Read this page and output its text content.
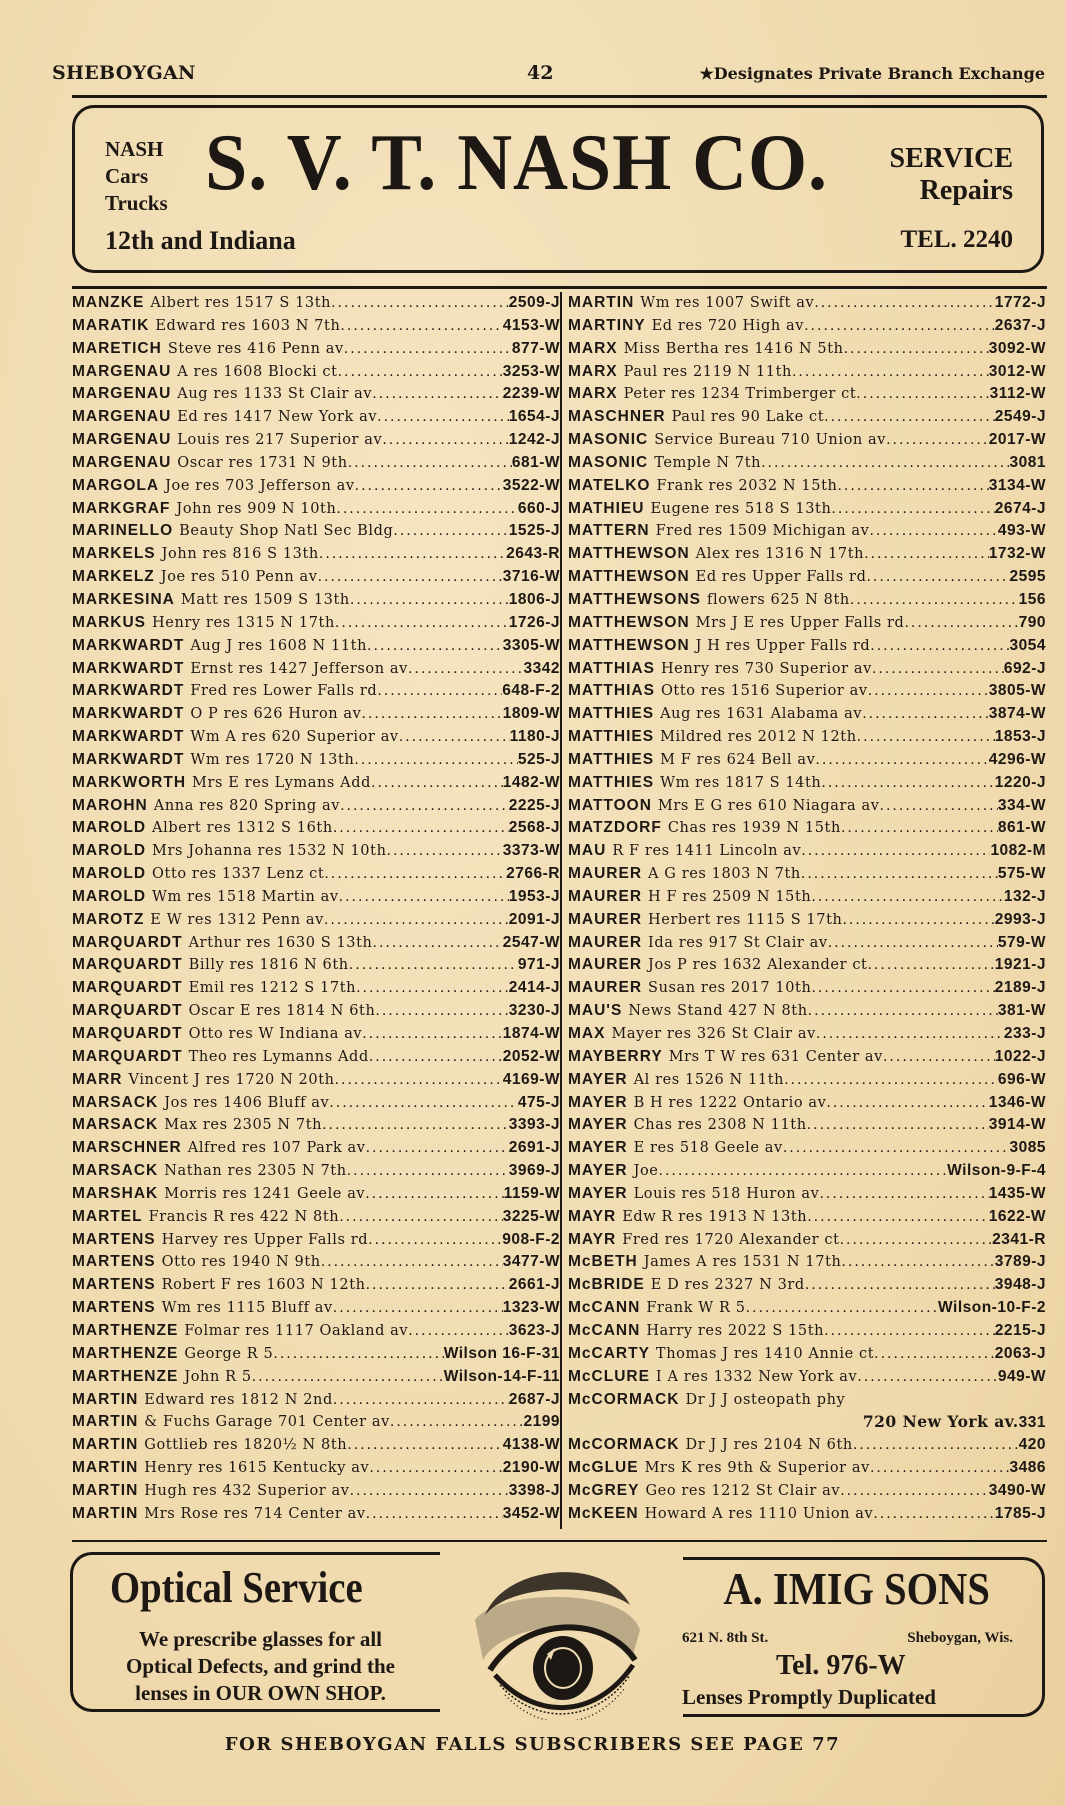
SHEBOYGAN	42	★Designates Private Branch Exchange
NASH
Cars
Trucks S. V. T. NASH CO.
12th and Indiana
SERVICE
Repairs
TEL. 2240
MANZKE Albert res 1517 S 13th .....	2509-J
MARATIK Edward res 1603 N 7th .....	4153-W
MARETICH Steve res 416 Penn av .....	877-W
MARGENAU A res 1608 Blocki ct .....	3253-W
MARGENAU Aug res 1133 St Clair av .....	2239-W
MARGENAU Ed res 1417 New York av .....	1654-J
MARGENAU Louis res 217 Superior av .....	1242-J
MARGENAU Oscar res 1731 N 9th .....	681-W
MARGOLA Joe res 703 Jefferson av .....	3522-W
MARKGRAF John res 909 N 10th .....	660-J
MARINELLO Beauty Shop Natl Sec Bldg .....	1525-J
MARKELS John res 816 S 13th .....	2643-R
MARKELZ Joe res 510 Penn av .....	3716-W
MARKESINA Matt res 1509 S 13th .....	1806-J
MARKUS Henry res 1315 N 17th .....	1726-J
MARKWARDT Aug J res 1608 N 11th .....	3305-W
MARKWARDT Ernst res 1427 Jefferson av .....	3342
MARKWARDT Fred res Lower Falls rd .....	648-F-2
MARKWARDT O P res 626 Huron av .....	1809-W
MARKWARDT Wm A res 620 Superior av .....	1180-J
MARKWARDT Wm res 1720 N 13th .....	525-J
MARKWORTH Mrs E res Lymans Add .....	1482-W
MAROHN Anna res 820 Spring av .....	2225-J
MAROLD Albert res 1312 S 16th .....	2568-J
MAROLD Mrs Johanna res 1532 N 10th .....	3373-W
MAROLD Otto res 1337 Lenz ct .....	2766-R
MAROLD Wm res 1518 Martin av .....	1953-J
MAROTZ E W res 1312 Penn av .....	2091-J
MARQUARDT Arthur res 1630 S 13th .....	2547-W
MARQUARDT Billy res 1816 N 6th .....	971-J
MARQUARDT Emil res 1212 S 17th .....	2414-J
MARQUARDT Oscar E res 1814 N 6th .....	3230-J
MARQUARDT Otto res W Indiana av .....	1874-W
MARQUARDT Theo res Lymanns Add .....	2052-W
MARR Vincent J res 1720 N 20th .....	4169-W
MARSACK Jos res 1406 Bluff av .....	475-J
MARSACK Max res 2305 N 7th .....	3393-J
MARSCHNER Alfred res 107 Park av .....	2691-J
MARSACK Nathan res 2305 N 7th .....	3969-J
MARSHAK Morris res 1241 Geele av .....	1159-W
MARTEL Francis R res 422 N 8th .....	3225-W
MARTENS Harvey res Upper Falls rd .....	908-F-2
MARTENS Otto res 1940 N 9th .....	3477-W
MARTENS Robert F res 1603 N 12th .....	2661-J
MARTENS Wm res 1115 Bluff av .....	1323-W
MARTHENZE Folmar res 1117 Oakland av .....	3623-J
MARTHENZE George R 5 .....	Wilson 16-F-31
MARTHENZE John R 5 .....	Wilson-14-F-11
MARTIN Edward res 1812 N 2nd .....	2687-J
MARTIN & Fuchs Garage 701 Center av .....	2199
MARTIN Gottlieb res 1820½ N 8th .....	4138-W
MARTIN Henry res 1615 Kentucky av .....	2190-W
MARTIN Hugh res 432 Superior av .....	3398-J
MARTIN Mrs Rose res 714 Center av .....	3452-W
MARTIN Wm res 1007 Swift av .....	1772-J
MARTINY Ed res 720 High av .....	2637-J
MARX Miss Bertha res 1416 N 5th .....	3092-W
MARX Paul res 2119 N 11th .....	3012-W
MARX Peter res 1234 Trimberger ct .....	3112-W
MASCHNER Paul res 90 Lake ct .....	2549-J
MASONIC Service Bureau 710 Union av .....	2017-W
MASONIC Temple N 7th .....	3081
MATELKO Frank res 2032 N 15th .....	3134-W
MATHIEU Eugene res 518 S 13th .....	2674-J
MATTERN Fred res 1509 Michigan av .....	493-W
MATTHEWSON Alex res 1316 N 17th .....	1732-W
MATTHEWSON Ed res Upper Falls rd .....	2595
MATTHEWSONS flowers 625 N 8th .....	156
MATTHEWSON Mrs J E res Upper Falls rd .....	790
MATTHEWSON J H res Upper Falls rd .....	3054
MATTHIAS Henry res 730 Superior av .....	692-J
MATTHIAS Otto res 1516 Superior av .....	3805-W
MATTHIES Aug res 1631 Alabama av .....	3874-W
MATTHIES Mildred res 2012 N 12th .....	1853-J
MATTHIES M F res 624 Bell av .....	4296-W
MATTHIES Wm res 1817 S 14th .....	1220-J
MATTOON Mrs E G res 610 Niagara av .....	334-W
MATZDORF Chas res 1939 N 15th .....	861-W
MAU R F res 1411 Lincoln av .....	1082-M
MAURER A G res 1803 N 7th .....	575-W
MAURER H F res 2509 N 15th .....	132-J
MAURER Herbert res 1115 S 17th .....	2993-J
MAURER Ida res 917 St Clair av .....	579-W
MAURER Jos P res 1632 Alexander ct .....	1921-J
MAURER Susan res 2017 10th .....	2189-J
MAU'S News Stand 427 N 8th .....	381-W
MAX Mayer res 326 St Clair av .....	233-J
MAYBERRY Mrs T W res 631 Center av .....	1022-J
MAYER Al res 1526 N 11th .....	696-W
MAYER B H res 1222 Ontario av .....	1346-W
MAYER Chas res 2308 N 11th .....	3914-W
MAYER E res 518 Geele av .....	3085
MAYER Joe .....	Wilson-9-F-4
MAYER Louis res 518 Huron av .....	1435-W
MAYR Edw R res 1913 N 13th .....	1622-W
MAYR Fred res 1720 Alexander ct .....	2341-R
McBETH James A res 1531 N 17th .....	3789-J
McBRIDE E D res 2327 N 3rd .....	3948-J
McCANN Frank W R 5 .....	Wilson-10-F-2
McCANN Harry res 2022 S 15th .....	2215-J
McCARTY Thomas J res 1410 Annie ct .....	2063-J
McCLURE I A res 1332 New York av .....	949-W
McCORMACK Dr J J osteopath phy
720 New York av. 331
McCORMACK Dr J J res 2104 N 6th .....	420
McGLUE Mrs K res 9th & Superior av .....	3486
McGREY Geo res 1212 St Clair av .....	3490-W
McKEEN Howard A res 1110 Union av .....	1785-J
Optical Service
We prescribe glasses for all
Optical Defects, and grind the
lenses in OUR OWN SHOP.
A. IMIG SONS
621 N. 8th St.	Sheboygan, Wis.
Tel. 976-W
Lenses Promptly Duplicated
FOR SHEBOYGAN FALLS SUBSCRIBERS SEE PAGE 77
